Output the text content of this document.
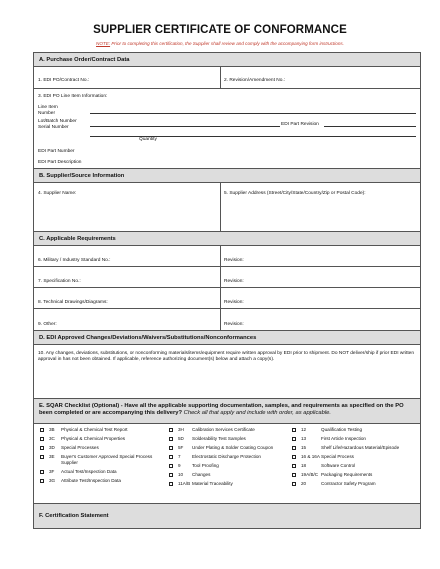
SUPPLIER CERTIFICATE OF CONFORMANCE
NOTE: Prior to completing this certification, the Supplier shall review and comply with the accompanying form instructions.
A. Purchase Order/Contract Data
1. EDI PO/Contract No.:	2. Revision/Amendment No.:
3. EDI PO Line Item Information:
Line Item Number
Lot/Batch Number Serial Number
EDI Part Revision
Quantity
EDI Part Number
EDI Part Description
B. Supplier/Source Information
4. Supplier Name:	5. Supplier Address (Street/City/State/Country/Zip or Postal Code):
C. Applicable Requirements
6. Military / Industry Standard No.:	Revision:
7. Specification No.:	Revision:
8. Technical Drawings/Diagrams:	Revision:
9. Other:	Revision:
D. EDI Approved Changes/Deviations/Waivers/Substitutions/Nonconformances
10. Any changes, deviations, substitutions, or nonconforming materials/items/equipment require written approval by EDI prior to shipment. Do NOT deliver/ship if prior EDI written approval in has not been obtained. If applicable, reference authorizing document(s) below and attach a copy(s).
E. SQAR Checklist (Optional) - Have all the applicable supporting documentation, samples, and requirements as specified on the PO been completed or are accompanying this delivery? Check all that apply and include with order, as applicable.
3B Physical & Chemical Test Report
3C Physical & Chemical Properties
3D Special Processes
3E Buyer's Customer Approved Special Process Supplier
3F Actual Test/Inspection Data
3G Attribute Test/Inspection Data
3H Calibration Services Certificate
5D Solderability Test Samples
5F Under Plating & Solder Coating Coupon
7 Electrostatic Discharge Protection
9 Tool Proofing
10 Changes
11A/B Material Traceability
12	Qualification Testing
13	First Article Inspection
15	Shelf Life/Hazardous Material/Episode
16 & 16A Special Process
18	Software Control
19A/B/C Packaging Requirements
20	Contractor Safety Program
F. Certification Statement
